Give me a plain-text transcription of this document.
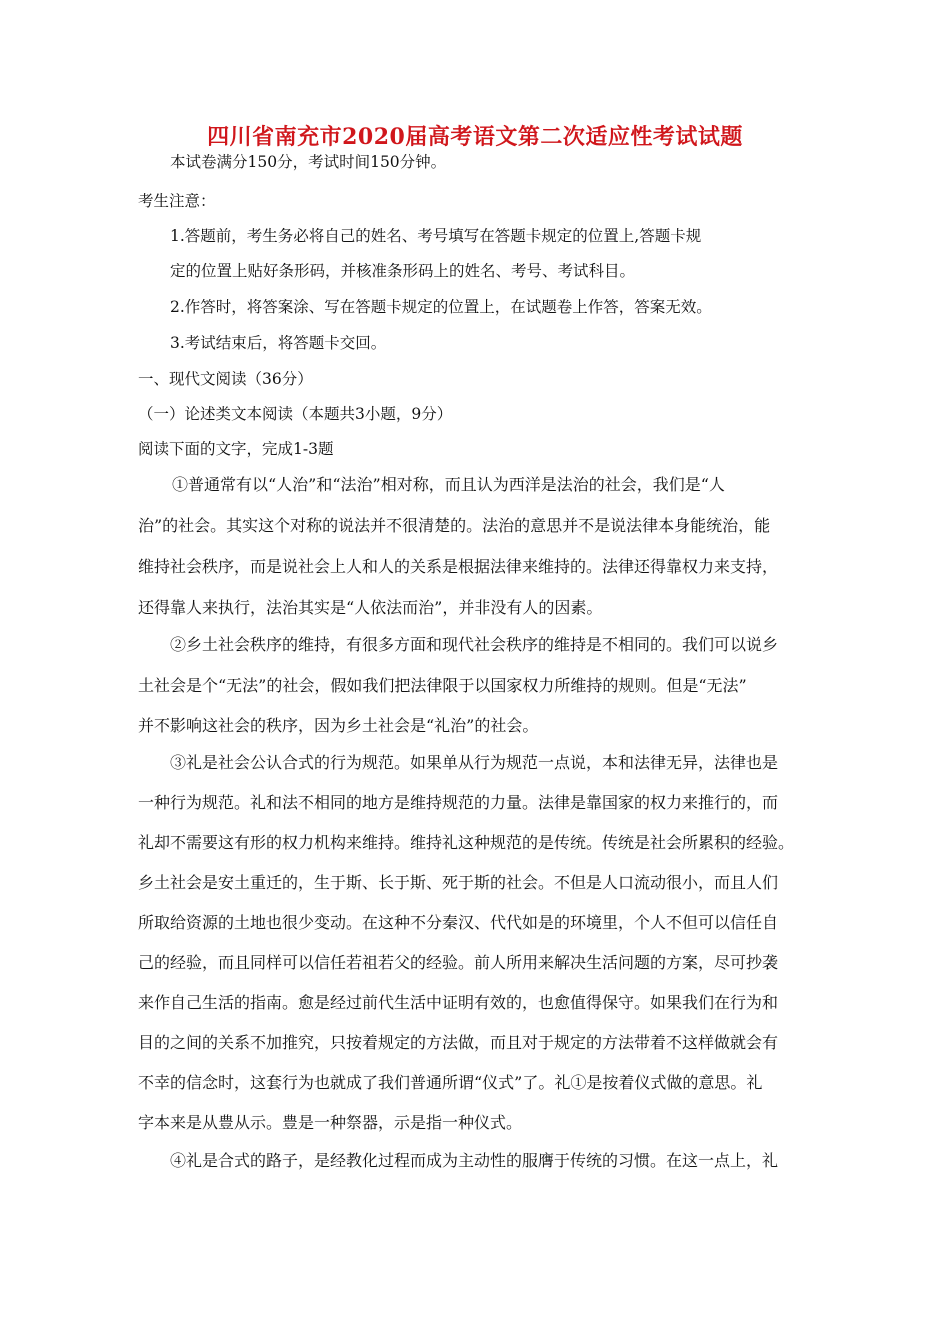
四川省南充市2020届高考语文第二次适应性考试试题
本试卷满分150分，考试时间150分钟。
考生注意：
1.答题前，考生务必将自己的姓名、考号填写在答题卡规定的位置上,答题卡规
定的位置上贴好条形码，并核准条形码上的姓名、考号、考试科目。
2.作答时，将答案涂、写在答题卡规定的位置上，在试题卷上作答，答案无效。
3.考试结束后，将答题卡交回。
一、现代文阅读（36分）
（一）论述类文本阅读（本题共3小题，9分）
阅读下面的文字，完成1-3题
①普通常有以“人治”和“法治”相对称，而且认为西洋是法治的社会，我们是“人
治”的社会。其实这个对称的说法并不很清楚的。法治的意思并不是说法律本身能统治，能
维持社会秩序，而是说社会上人和人的关系是根据法律来维持的。法律还得靠权力来支持，
还得靠人来执行，法治其实是“人依法而治”，并非没有人的因素。
②乡土社会秩序的维持，有很多方面和现代社会秩序的维持是不相同的。我们可以说乡
土社会是个“无法”的社会，假如我们把法律限于以国家权力所维持的规则。但是“无法”
并不影响这社会的秩序，因为乡土社会是“礼治”的社会。
③礼是社会公认合式的行为规范。如果单从行为规范一点说，本和法律无异，法律也是
一种行为规范。礼和法不相同的地方是维持规范的力量。法律是靠国家的权力来推行的，而
礼却不需要这有形的权力机构来维持。维持礼这种规范的是传统。传统是社会所累积的经验。
乡土社会是安土重迁的，生于斯、长于斯、死于斯的社会。不但是人口流动很小，而且人们
所取给资源的土地也很少变动。在这种不分秦汉、代代如是的环境里，个人不但可以信任自
己的经验，而且同样可以信任若祖若父的经验。前人所用来解决生活问题的方案，尽可抄袭
来作自己生活的指南。愈是经过前代生活中证明有效的，也愈值得保守。如果我们在行为和
目的之间的关系不加推究，只按着规定的方法做，而且对于规定的方法带着不这样做就会有
不幸的信念时，这套行为也就成了我们普通所谓“仪式”了。礼①是按着仪式做的意思。礼
字本来是从豊从示。豊是一种祭器，示是指一种仪式。
④礼是合式的路子，是经教化过程而成为主动性的服膺于传统的习惯。在这一点上，礼
